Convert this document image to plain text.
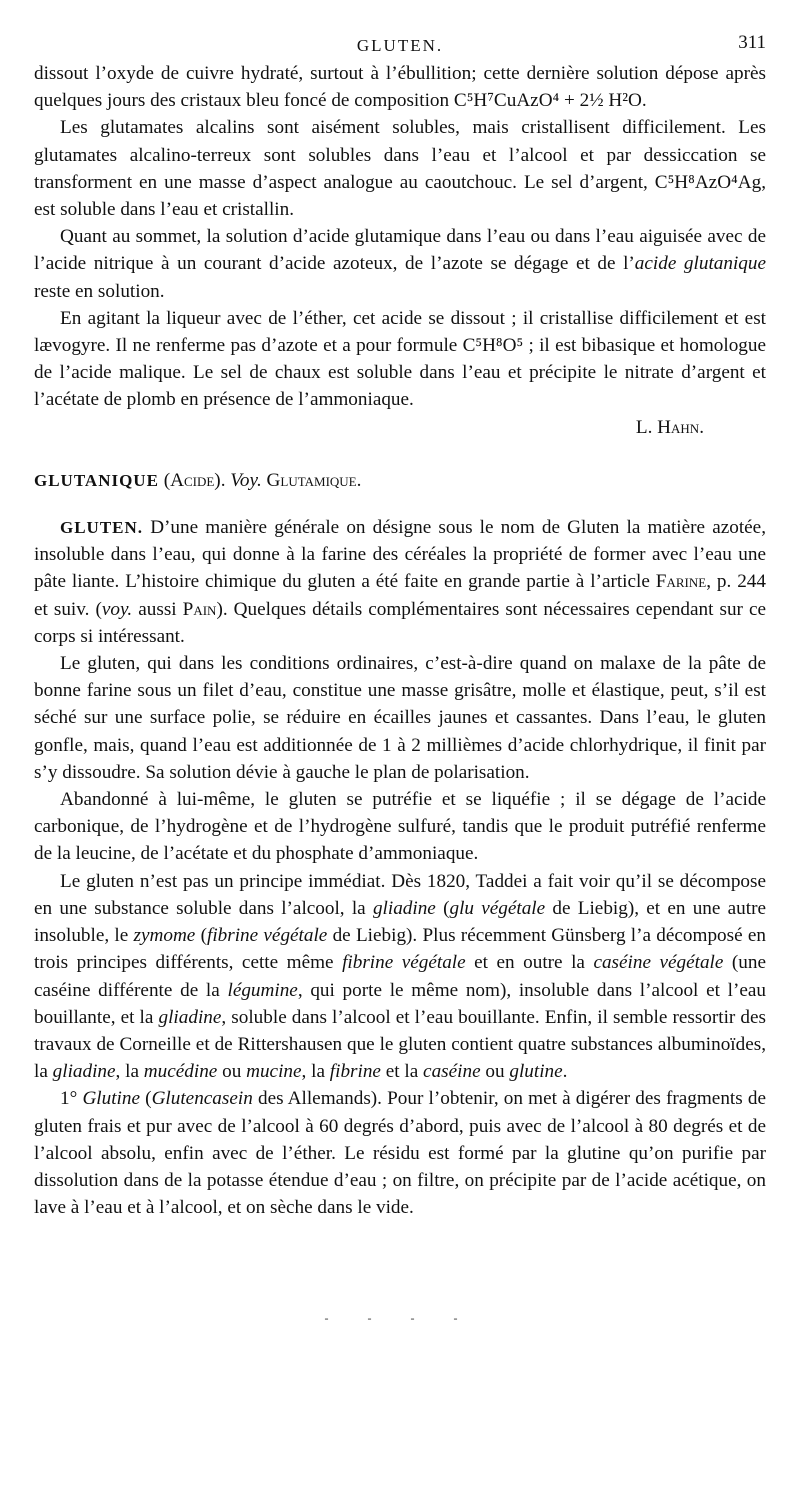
GLUTEN.	311

dissout l’oxyde de cuivre hydraté, surtout à l’ébullition; cette dernière solution dépose après quelques jours des cristaux bleu foncé de composition C⁵H⁷CuAzO⁴ + 2½ H²O.

Les glutamates alcalins sont aisément solubles, mais cristallisent difficilement. Les glutamates alcalino-terreux sont solubles dans l’eau et l’alcool et par dessiccation se transforment en une masse d’aspect analogue au caoutchouc. Le sel d’argent, C⁵H⁸AzO⁴Ag, est soluble dans l’eau et cristallin.

Quant au sommet, la solution d’acide glutamique dans l’eau ou dans l’eau aiguisée avec de l’acide nitrique à un courant d’acide azoteux, de l’azote se dégage et de l’acide glutanique reste en solution.

En agitant la liqueur avec de l’éther, cet acide se dissout ; il cristallise difficilement et est lævogyre. Il ne renferme pas d’azote et a pour formule C⁵H⁸O⁵ ; il est bibasique et homologue de l’acide malique. Le sel de chaux est soluble dans l’eau et précipite le nitrate d’argent et l’acétate de plomb en présence de l’ammoniaque.

L. Hahn.

GLUTANIQUE (Acide). Voy. Glutamique.

GLUTEN. D’une manière générale on désigne sous le nom de Gluten la matière azotée, insoluble dans l’eau, qui donne à la farine des céréales la propriété de former avec l’eau une pâte liante. L’histoire chimique du gluten a été faite en grande partie à l’article Farine, p. 244 et suiv. (voy. aussi Pain). Quelques détails complémentaires sont nécessaires cependant sur ce corps si intéressant.

Le gluten, qui dans les conditions ordinaires, c’est-à-dire quand on malaxe de la pâte de bonne farine sous un filet d’eau, constitue une masse grisâtre, molle et élastique, peut, s’il est séché sur une surface polie, se réduire en écailles jaunes et cassantes. Dans l’eau, le gluten gonfle, mais, quand l’eau est additionnée de 1 à 2 millièmes d’acide chlorhydrique, il finit par s’y dissoudre. Sa solution dévie à gauche le plan de polarisation.

Abandonné à lui-même, le gluten se putréfie et se liquéfie ; il se dégage de l’acide carbonique, de l’hydrogène et de l’hydrogène sulfuré, tandis que le produit putréfié renferme de la leucine, de l’acétate et du phosphate d’ammoniaque.

Le gluten n’est pas un principe immédiat. Dès 1820, Taddei a fait voir qu’il se décompose en une substance soluble dans l’alcool, la gliadine (glu végétale de Liebig), et en une autre insoluble, le zymome (fibrine végétale de Liebig). Plus récemment Günsberg l’a décomposé en trois principes différents, cette même fibrine végétale et en outre la caséine végétale (une caséine différente de la légumine, qui porte le même nom), insoluble dans l’alcool et l’eau bouillante, et la gliadine, soluble dans l’alcool et l’eau bouillante. Enfin, il semble ressortir des travaux de Corneille et de Rittershausen que le gluten contient quatre substances albuminoïdes, la gliadine, la mucédine ou mucine, la fibrine et la caséine ou glutine.

1° Glutine (Glutencasein des Allemands). Pour l’obtenir, on met à digérer des fragments de gluten frais et pur avec de l’alcool à 60 degrés d’abord, puis avec de l’alcool à 80 degrés et de l’alcool absolu, enfin avec de l’éther. Le résidu est formé par la glutine qu’on purifie par dissolution dans de la potasse étendue d’eau ; on filtre, on précipite par de l’acide acétique, on lave à l’eau et à l’alcool, et on sèche dans le vide.

- - - -
